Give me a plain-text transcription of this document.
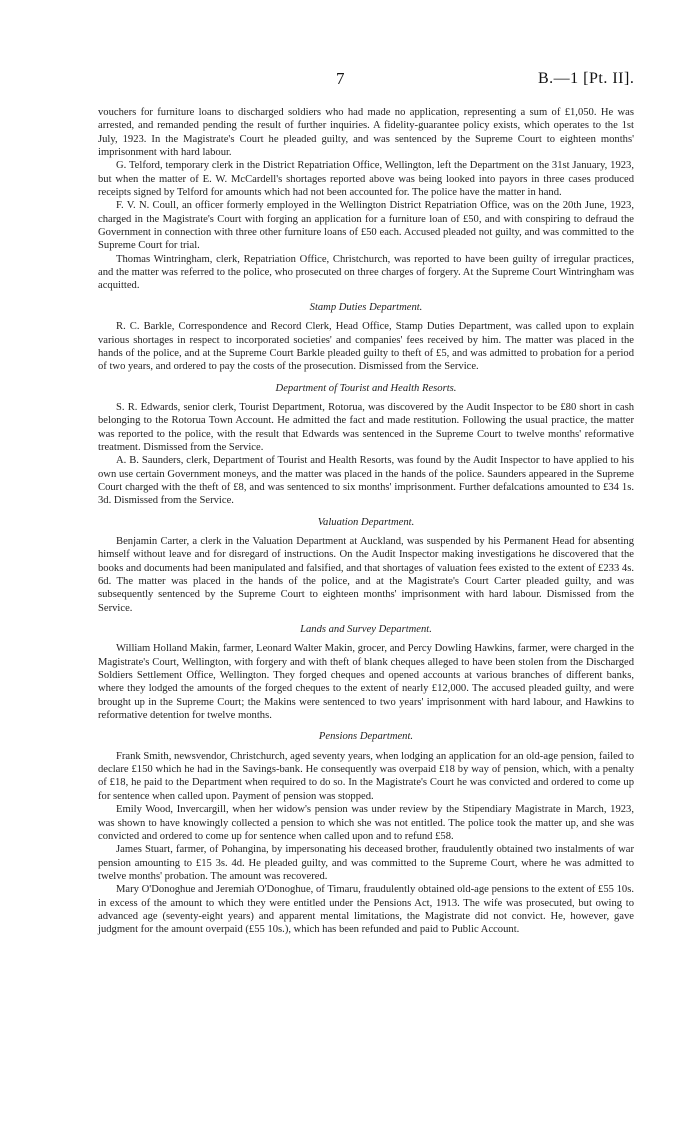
7	B.—1 [Pt. II].

vouchers for furniture loans to discharged soldiers who had made no application, representing a sum of £1,050. He was arrested, and remanded pending the result of further inquiries. A fidelity-guarantee policy exists, which operates to the 1st July, 1923. In the Magistrate's Court he pleaded guilty, and was sentenced by the Supreme Court to eighteen months' imprisonment with hard labour.

G. Telford, temporary clerk in the District Repatriation Office, Wellington, left the Department on the 31st January, 1923, but when the matter of E. W. McCardell's shortages reported above was being looked into payors in three cases produced receipts signed by Telford for amounts which had not been accounted for. The police have the matter in hand.

F. V. N. Coull, an officer formerly employed in the Wellington District Repatriation Office, was on the 20th June, 1923, charged in the Magistrate's Court with forging an application for a furniture loan of £50, and with conspiring to defraud the Government in connection with three other furniture loans of £50 each. Accused pleaded not guilty, and was committed to the Supreme Court for trial.

Thomas Wintringham, clerk, Repatriation Office, Christchurch, was reported to have been guilty of irregular practices, and the matter was referred to the police, who prosecuted on three charges of forgery. At the Supreme Court Wintringham was acquitted.

Stamp Duties Department.

R. C. Barkle, Correspondence and Record Clerk, Head Office, Stamp Duties Department, was called upon to explain various shortages in respect to incorporated societies' and companies' fees received by him. The matter was placed in the hands of the police, and at the Supreme Court Barkle pleaded guilty to theft of £5, and was admitted to probation for a period of two years, and ordered to pay the costs of the prosecution. Dismissed from the Service.

Department of Tourist and Health Resorts.

S. R. Edwards, senior clerk, Tourist Department, Rotorua, was discovered by the Audit Inspector to be £80 short in cash belonging to the Rotorua Town Account. He admitted the fact and made restitution. Following the usual practice, the matter was reported to the police, with the result that Edwards was sentenced in the Supreme Court to twelve months' reformative treatment. Dismissed from the Service.

A. B. Saunders, clerk, Department of Tourist and Health Resorts, was found by the Audit Inspector to have applied to his own use certain Government moneys, and the matter was placed in the hands of the police. Saunders appeared in the Supreme Court charged with the theft of £8, and was sentenced to six months' imprisonment. Further defalcations amounted to £34 1s. 3d. Dismissed from the Service.

Valuation Department.

Benjamin Carter, a clerk in the Valuation Department at Auckland, was suspended by his Permanent Head for absenting himself without leave and for disregard of instructions. On the Audit Inspector making investigations he discovered that the books and documents had been manipulated and falsified, and that shortages of valuation fees existed to the extent of £233 4s. 6d. The matter was placed in the hands of the police, and at the Magistrate's Court Carter pleaded guilty, and was subsequently sentenced by the Supreme Court to eighteen months' imprisonment with hard labour. Dismissed from the Service.

Lands and Survey Department.

William Holland Makin, farmer, Leonard Walter Makin, grocer, and Percy Dowling Hawkins, farmer, were charged in the Magistrate's Court, Wellington, with forgery and with theft of blank cheques alleged to have been stolen from the Discharged Soldiers Settlement Office, Wellington. They forged cheques and opened accounts at various branches of different banks, where they lodged the amounts of the forged cheques to the extent of nearly £12,000. The accused pleaded guilty, and were brought up in the Supreme Court; the Makins were sentenced to two years' imprisonment with hard labour, and Hawkins to reformative detention for twelve months.

Pensions Department.

Frank Smith, newsvendor, Christchurch, aged seventy years, when lodging an application for an old-age pension, failed to declare £150 which he had in the Savings-bank. He consequently was overpaid £18 by way of pension, which, with a penalty of £18, he paid to the Department when required to do so. In the Magistrate's Court he was convicted and ordered to come up for sentence when called upon. Payment of pension was stopped.

Emily Wood, Invercargill, when her widow's pension was under review by the Stipendiary Magistrate in March, 1923, was shown to have knowingly collected a pension to which she was not entitled. The police took the matter up, and she was convicted and ordered to come up for sentence when called upon and to refund £58.

James Stuart, farmer, of Pohangina, by impersonating his deceased brother, fraudulently obtained two instalments of war pension amounting to £15 3s. 4d. He pleaded guilty, and was committed to the Supreme Court, where he was admitted to twelve months' probation. The amount was recovered.

Mary O'Donoghue and Jeremiah O'Donoghue, of Timaru, fraudulently obtained old-age pensions to the extent of £55 10s. in excess of the amount to which they were entitled under the Pensions Act, 1913. The wife was prosecuted, but owing to advanced age (seventy-eight years) and apparent mental limitations, the Magistrate did not convict. He, however, gave judgment for the amount overpaid (£55 10s.), which has been refunded and paid to Public Account.
